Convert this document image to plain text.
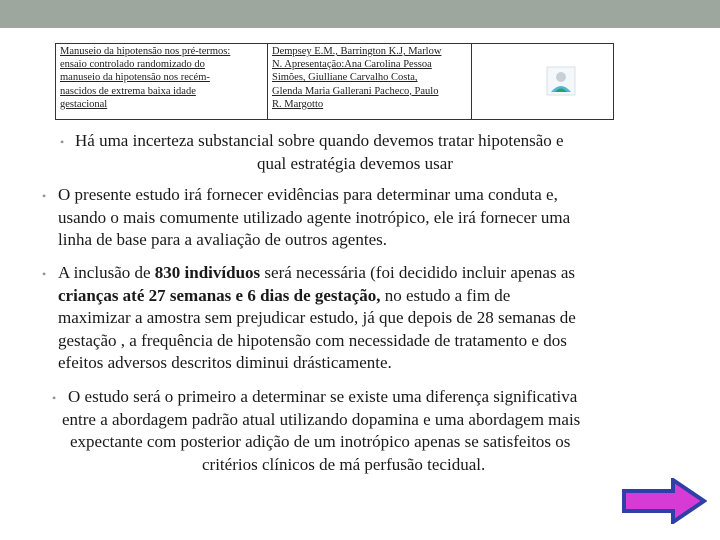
Manuseio da hipotensão nos pré-termos:
ensaio controlado randomizado do
manuseio da hipotensão nos recém-
nascidos de extrema baixa idade
gestacional

Dempsey E.M., Barrington K.J, Marlow
N. Apresentação:Ana Carolina Pessoa
Simões, Giulliane Carvalho Costa,
Glenda Maria Gallerani Pacheco, Paulo
R. Margotto

• Há uma incerteza substancial sobre quando devemos tratar hipotensão e
qual estratégia devemos usar
• O presente estudo irá fornecer evidências para determinar uma conduta e,
usando o mais comumente utilizado agente inotrópico, ele irá fornecer uma
linha de base para a avaliação de outros agentes.
• A inclusão de 830 indivíduos será necessária (foi decidido incluir apenas as
crianças até 27 semanas e 6 dias de gestação, no estudo a fim de
maximizar a amostra sem prejudicar estudo, já que depois de 28 semanas de
gestação , a frequência de hipotensão com necessidade de tratamento e dos
efeitos adversos descritos diminui drásticamente.
• O estudo será o primeiro a determinar se existe uma diferença significativa
entre a abordagem padrão atual utilizando dopamina e uma abordagem mais
expectante com posterior adição de um inotrópico apenas se satisfeitos os
critérios clínicos de má perfusão tecidual.
